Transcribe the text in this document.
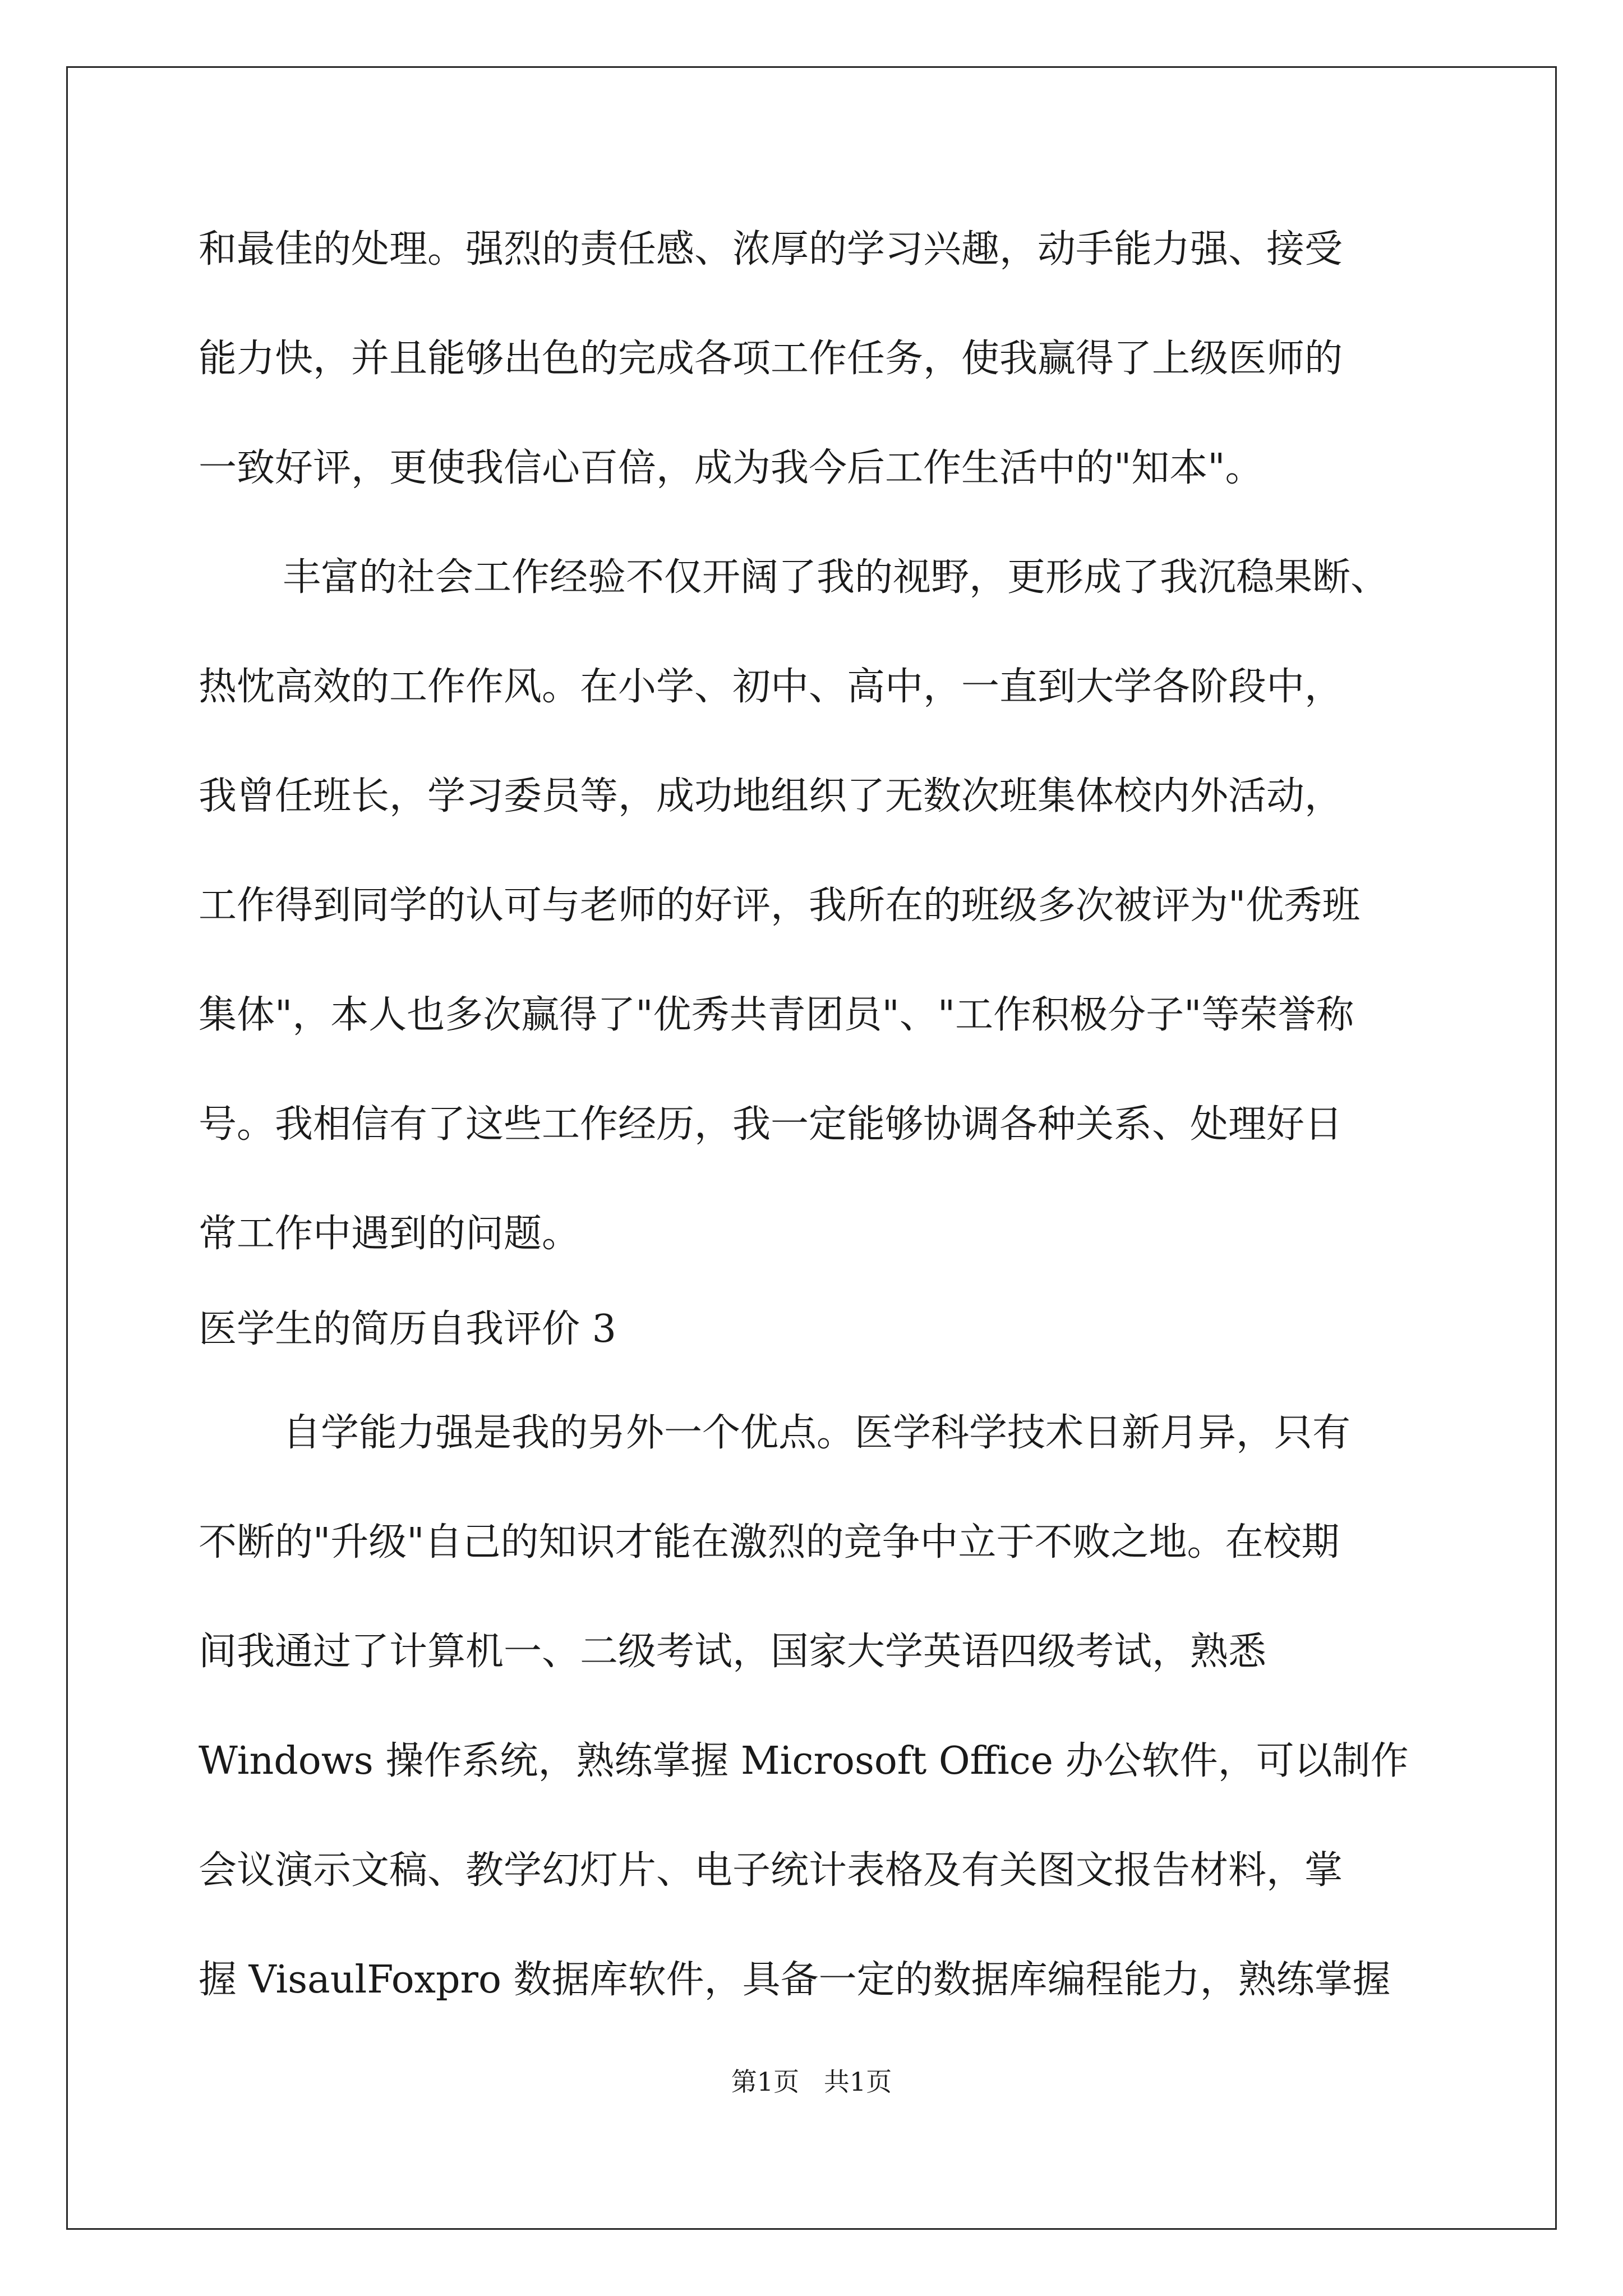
和最佳的处理。强烈的责任感、浓厚的学习兴趣，动手能力强、接受
能力快，并且能够出色的完成各项工作任务，使我赢得了上级医师的
一致好评，更使我信心百倍，成为我今后工作生活中的"知本"。
丰富的社会工作经验不仅开阔了我的视野，更形成了我沉稳果断、
热忱高效的工作作风。在小学、初中、高中，一直到大学各阶段中，
我曾任班长，学习委员等，成功地组织了无数次班集体校内外活动，
工作得到同学的认可与老师的好评，我所在的班级多次被评为"优秀班
集体"，本人也多次赢得了"优秀共青团员"、"工作积极分子"等荣誉称
号。我相信有了这些工作经历，我一定能够协调各种关系、处理好日
常工作中遇到的问题。
医学生的简历自我评价 3
自学能力强是我的另外一个优点。医学科学技术日新月异，只有
不断的"升级"自己的知识才能在激烈的竞争中立于不败之地。在校期
间我通过了计算机一、二级考试，国家大学英语四级考试，熟悉
Windows 操作系统，熟练掌握 Microsoft Office 办公软件，可以制作
会议演示文稿、教学幻灯片、电子统计表格及有关图文报告材料，掌
握 VisaulFoxpro 数据库软件，具备一定的数据库编程能力，熟练掌握
第1页   共1页
